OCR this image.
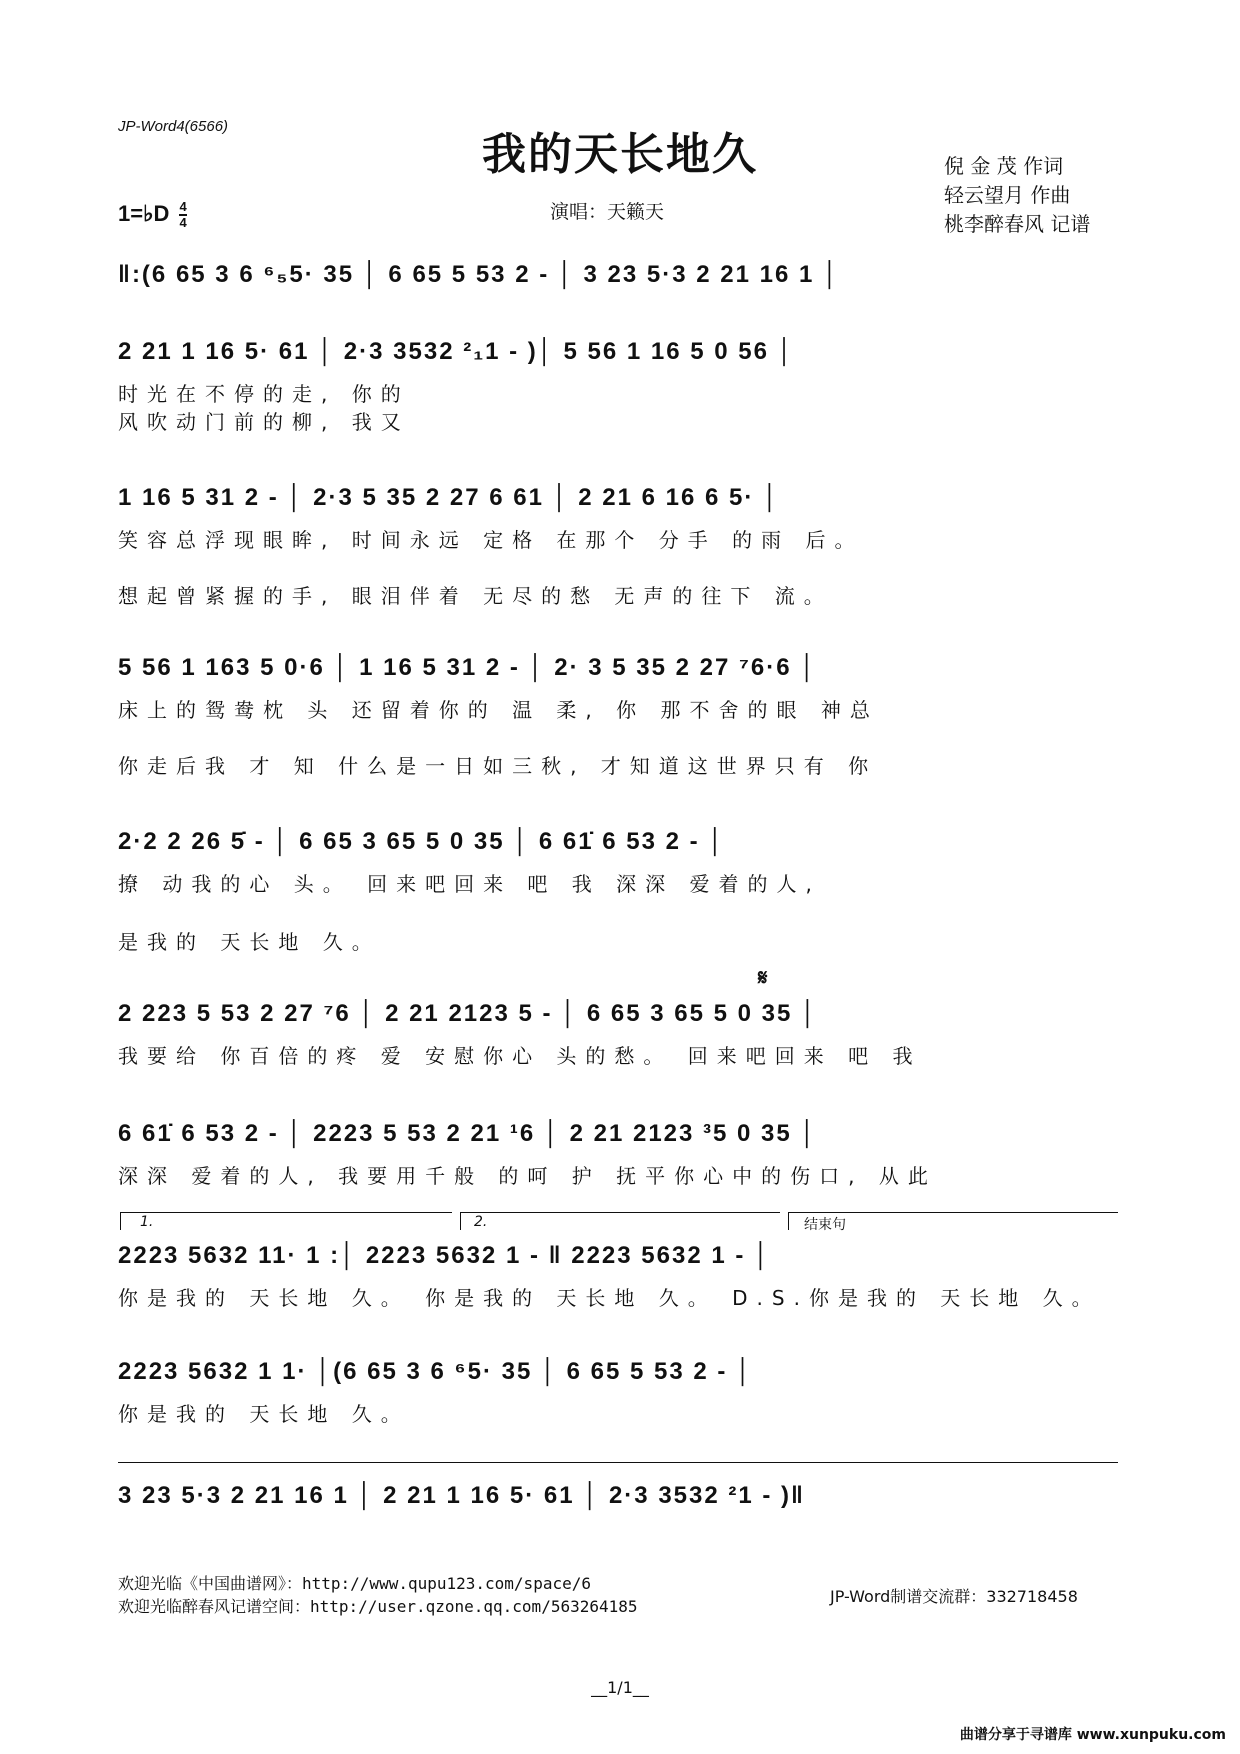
JP-Word4(6566)
我的天长地久	倪 金 茂 作词
轻云望月 作曲
桃李醉春风 记谱
1=♭D $\frac{4}{4}$	演唱：天籁天
‖:(6 65 3 6 ⁶₅5· 35 │ 6 65 5 53 2 - │ 3 23 5·3 2 21 16 1 │
2 21 1 16 5· 61 │ 2·3 3532 ²₁1 - )│ 5 56 1 16 5 0 56 │
时光在不停的走, 你的
风吹动门前的柳, 我又
1 16 5 31 2 - │ 2·3 5 35 2 27 6 61 │ 2 21 6 16 6 5· │
笑容总浮现眼眸, 时间永远 定格 在那个 分手 的雨 后。
想起曾紧握的手, 眼泪伴着 无尽的愁 无声的往下 流。
5 56 1 163 5 0·6 │ 1 16 5 31 2 - │ 2· 3 5 35 2 27 ⁷6·6 │
床上的鸳鸯枕 头 还留着你的 温 柔, 你 那不舍的眼 神总
你走后我 才 知 什么是一日如三秋, 才知道这世界只有 你
2·2 2 26 5̇ - │ 6 65 3 65 5 0 35 │ 6 61̇ 6 53 2 - │
撩 动我的心 头。 回来吧回来 吧 我 深深 爱着的人,
是我的 天长地 久。
𝄋
2 223 5 53 2 27 ⁷6 │ 2 21 2123 5 - │ 6 65 3 65 5 0 35 │
我要给 你百倍的疼 爱 安慰你心 头的愁。 回来吧回来 吧 我
6 61̇ 6 53 2 - │ 2223 5 53 2 21 ¹6 │ 2 21 2123 ³5 0 35 │
深深 爱着的人, 我要用千般 的呵 护 抚平你心中的伤口, 从此
1.	2.	结束句
2223 5632 11· 1 :│ 2223 5632 1 - ‖ 2223 5632 1 - │
你是我的 天长地 久。 你是我的 天长地 久。 D.S.你是我的 天长地 久。
2223 5632 1 1· │(6 65 3 6 ⁶5· 35 │ 6 65 5 53 2 - │
你是我的 天长地 久。
3 23 5·3 2 21 16 1 │ 2 21 1 16 5· 61 │ 2·3 3532 ²1 - )‖
欢迎光临《中国曲谱网》：http://www.qupu123.com/space/6
欢迎光临醉春风记谱空间：http://user.qzone.qq.com/563264185
JP-Word制谱交流群：332718458
__1/1__
曲谱分享于寻谱库 www.xunpuku.com
